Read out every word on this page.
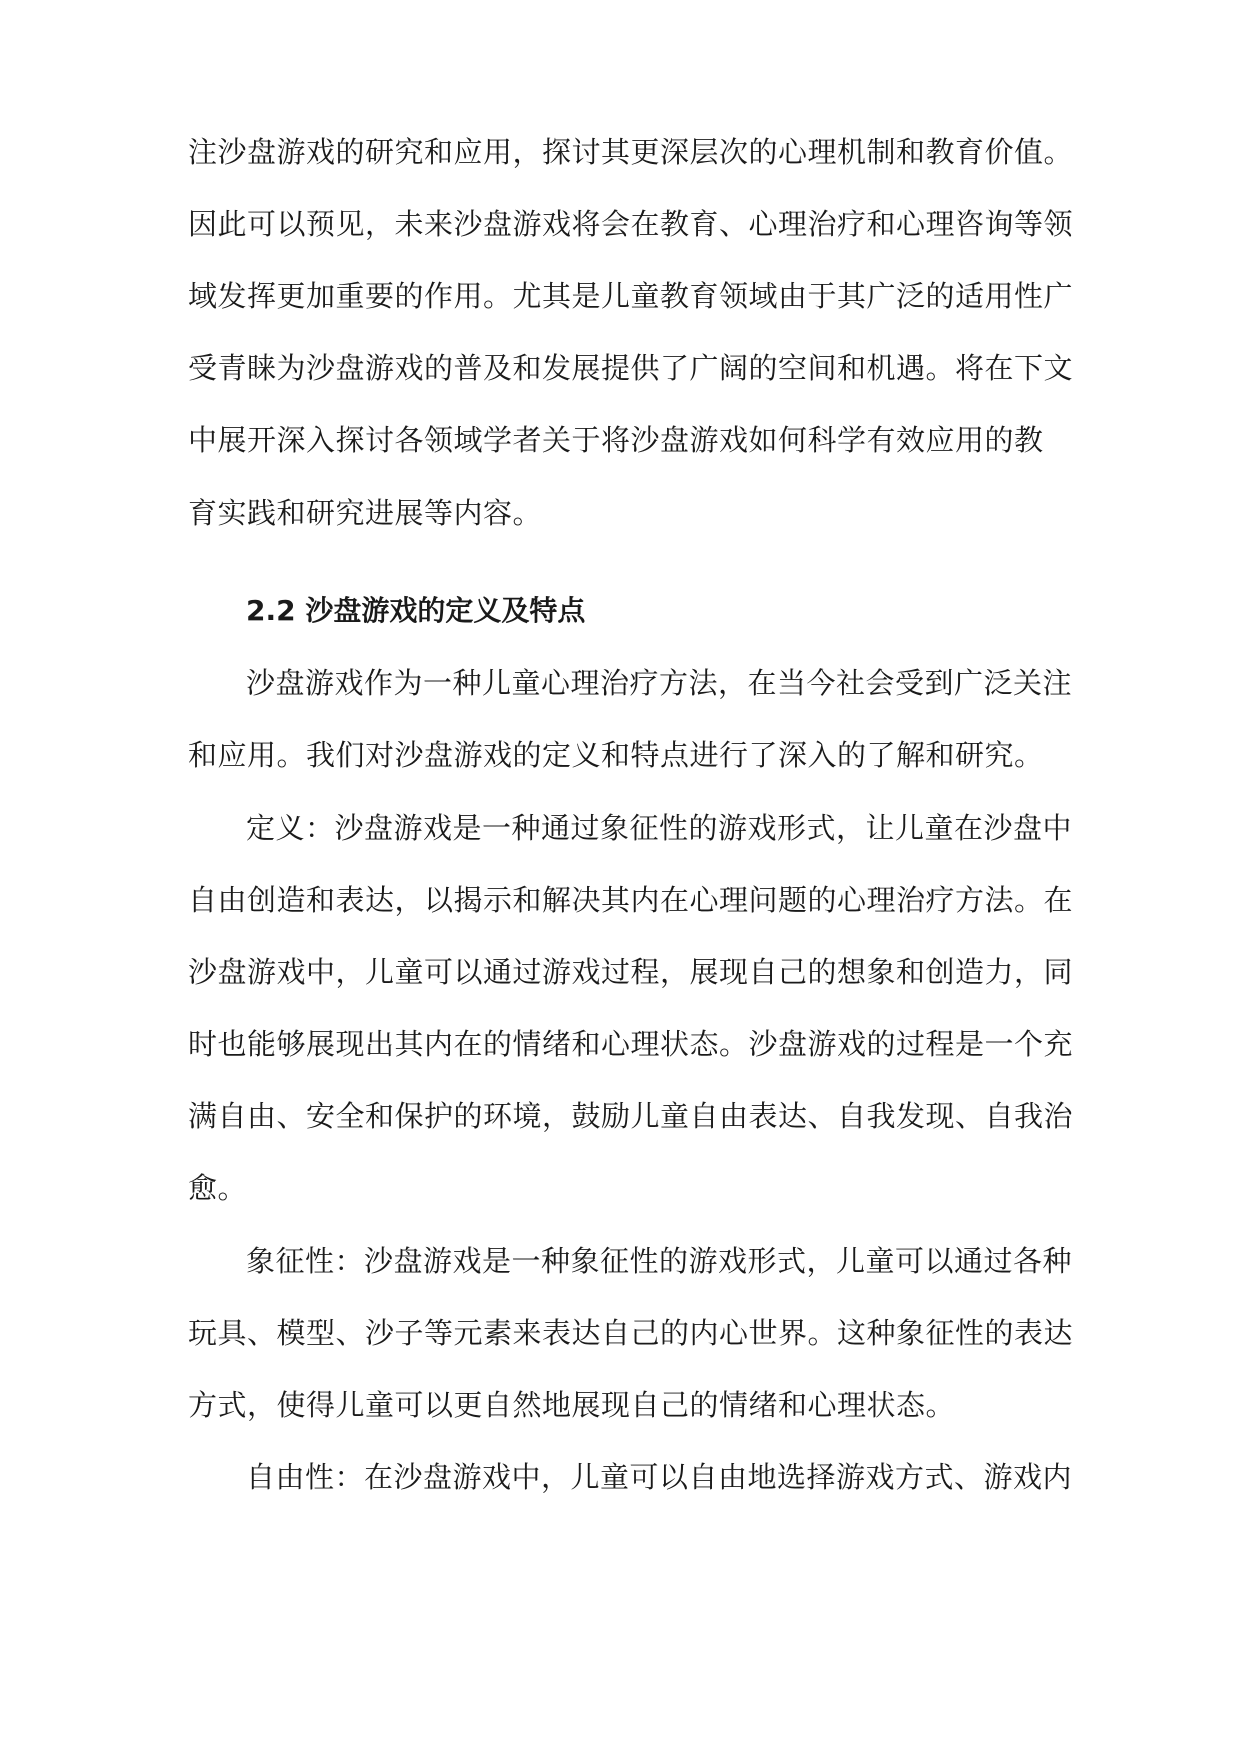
注沙盘游戏的研究和应用，探讨其更深层次的心理机制和教育价值。
因此可以预见，未来沙盘游戏将会在教育、心理治疗和心理咨询等领
域发挥更加重要的作用。尤其是儿童教育领域由于其广泛的适用性广
受青睐为沙盘游戏的普及和发展提供了广阔的空间和机遇。将在下文
中展开深入探讨各领域学者关于将沙盘游戏如何科学有效应用的教
育实践和研究进展等内容。
2.2 沙盘游戏的定义及特点
沙盘游戏作为一种儿童心理治疗方法，在当今社会受到广泛关注
和应用。我们对沙盘游戏的定义和特点进行了深入的了解和研究。
定义：沙盘游戏是一种通过象征性的游戏形式，让儿童在沙盘中
自由创造和表达，以揭示和解决其内在心理问题的心理治疗方法。在
沙盘游戏中，儿童可以通过游戏过程，展现自己的想象和创造力，同
时也能够展现出其内在的情绪和心理状态。沙盘游戏的过程是一个充
满自由、安全和保护的环境，鼓励儿童自由表达、自我发现、自我治
愈。
象征性：沙盘游戏是一种象征性的游戏形式，儿童可以通过各种
玩具、模型、沙子等元素来表达自己的内心世界。这种象征性的表达
方式，使得儿童可以更自然地展现自己的情绪和心理状态。
自由性：在沙盘游戏中，儿童可以自由地选择游戏方式、游戏内
